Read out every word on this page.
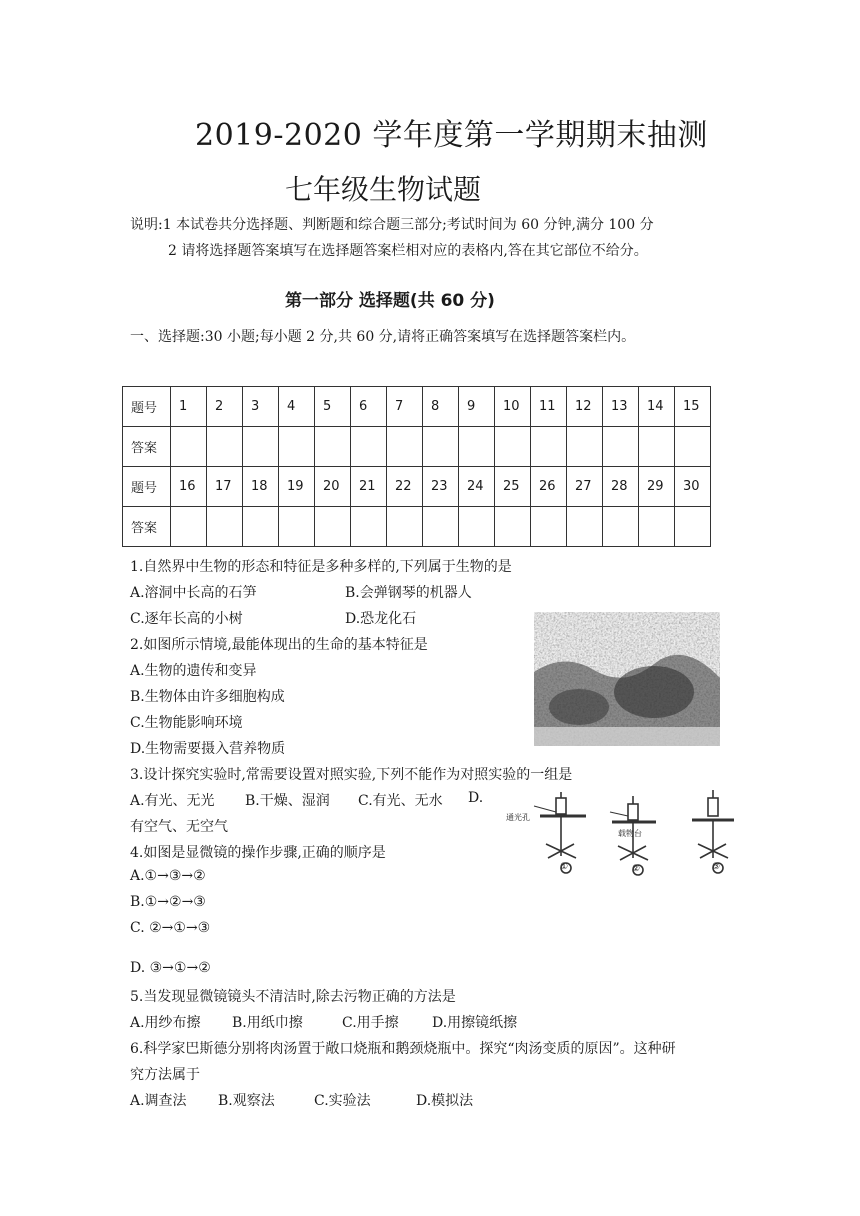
2019-2020 学年度第一学期期末抽测
七年级生物试题
说明:1 本试卷共分选择题、判断题和综合题三部分;考试时间为 60 分钟,满分 100 分
2 请将选择题答案填写在选择题答案栏相对应的表格内,答在其它部位不给分。
第一部分 选择题(共 60 分)
一、选择题:30 小题;每小题 2 分,共 60 分,请将正确答案填写在选择题答案栏内。
题号	1	2	3	4	5	6	7	8	9	10	11	12	13	14	15
答案															
题号	16	17	18	19	20	21	22	23	24	25	26	27	28	29	30
答案															
1.自然界中生物的形态和特征是多种多样的,下列属于生物的是
A.溶洞中长高的石笋	B.会弹钢琴的机器人
C.逐年长高的小树	D.恐龙化石
2.如图所示情境,最能体现出的生命的基本特征是
A.生物的遗传和变异
B.生物体由许多细胞构成
C.生物能影响环境
D.生物需要摄入营养物质
3.设计探究实验时,常需要设置对照实验,下列不能作为对照实验的一组是
A.有光、无光 B.干燥、湿润 C.有光、无水 D.
有空气、无空气
通光孔
载物台
①	②	③
4.如图是显微镜的操作步骤,正确的顺序是
A.①→③→②
B.①→②→③
C. ②→①→③
D. ③→①→②
5.当发现显微镜镜头不清洁时,除去污物正确的方法是
A.用纱布擦 B.用纸巾擦	C.用手擦 D.用擦镜纸擦
6.科学家巴斯德分别将肉汤置于敞口烧瓶和鹅颈烧瓶中。探究“肉汤变质的原因”。这种研
究方法属于
A.调查法 B.观察法	C.实验法	D.模拟法
